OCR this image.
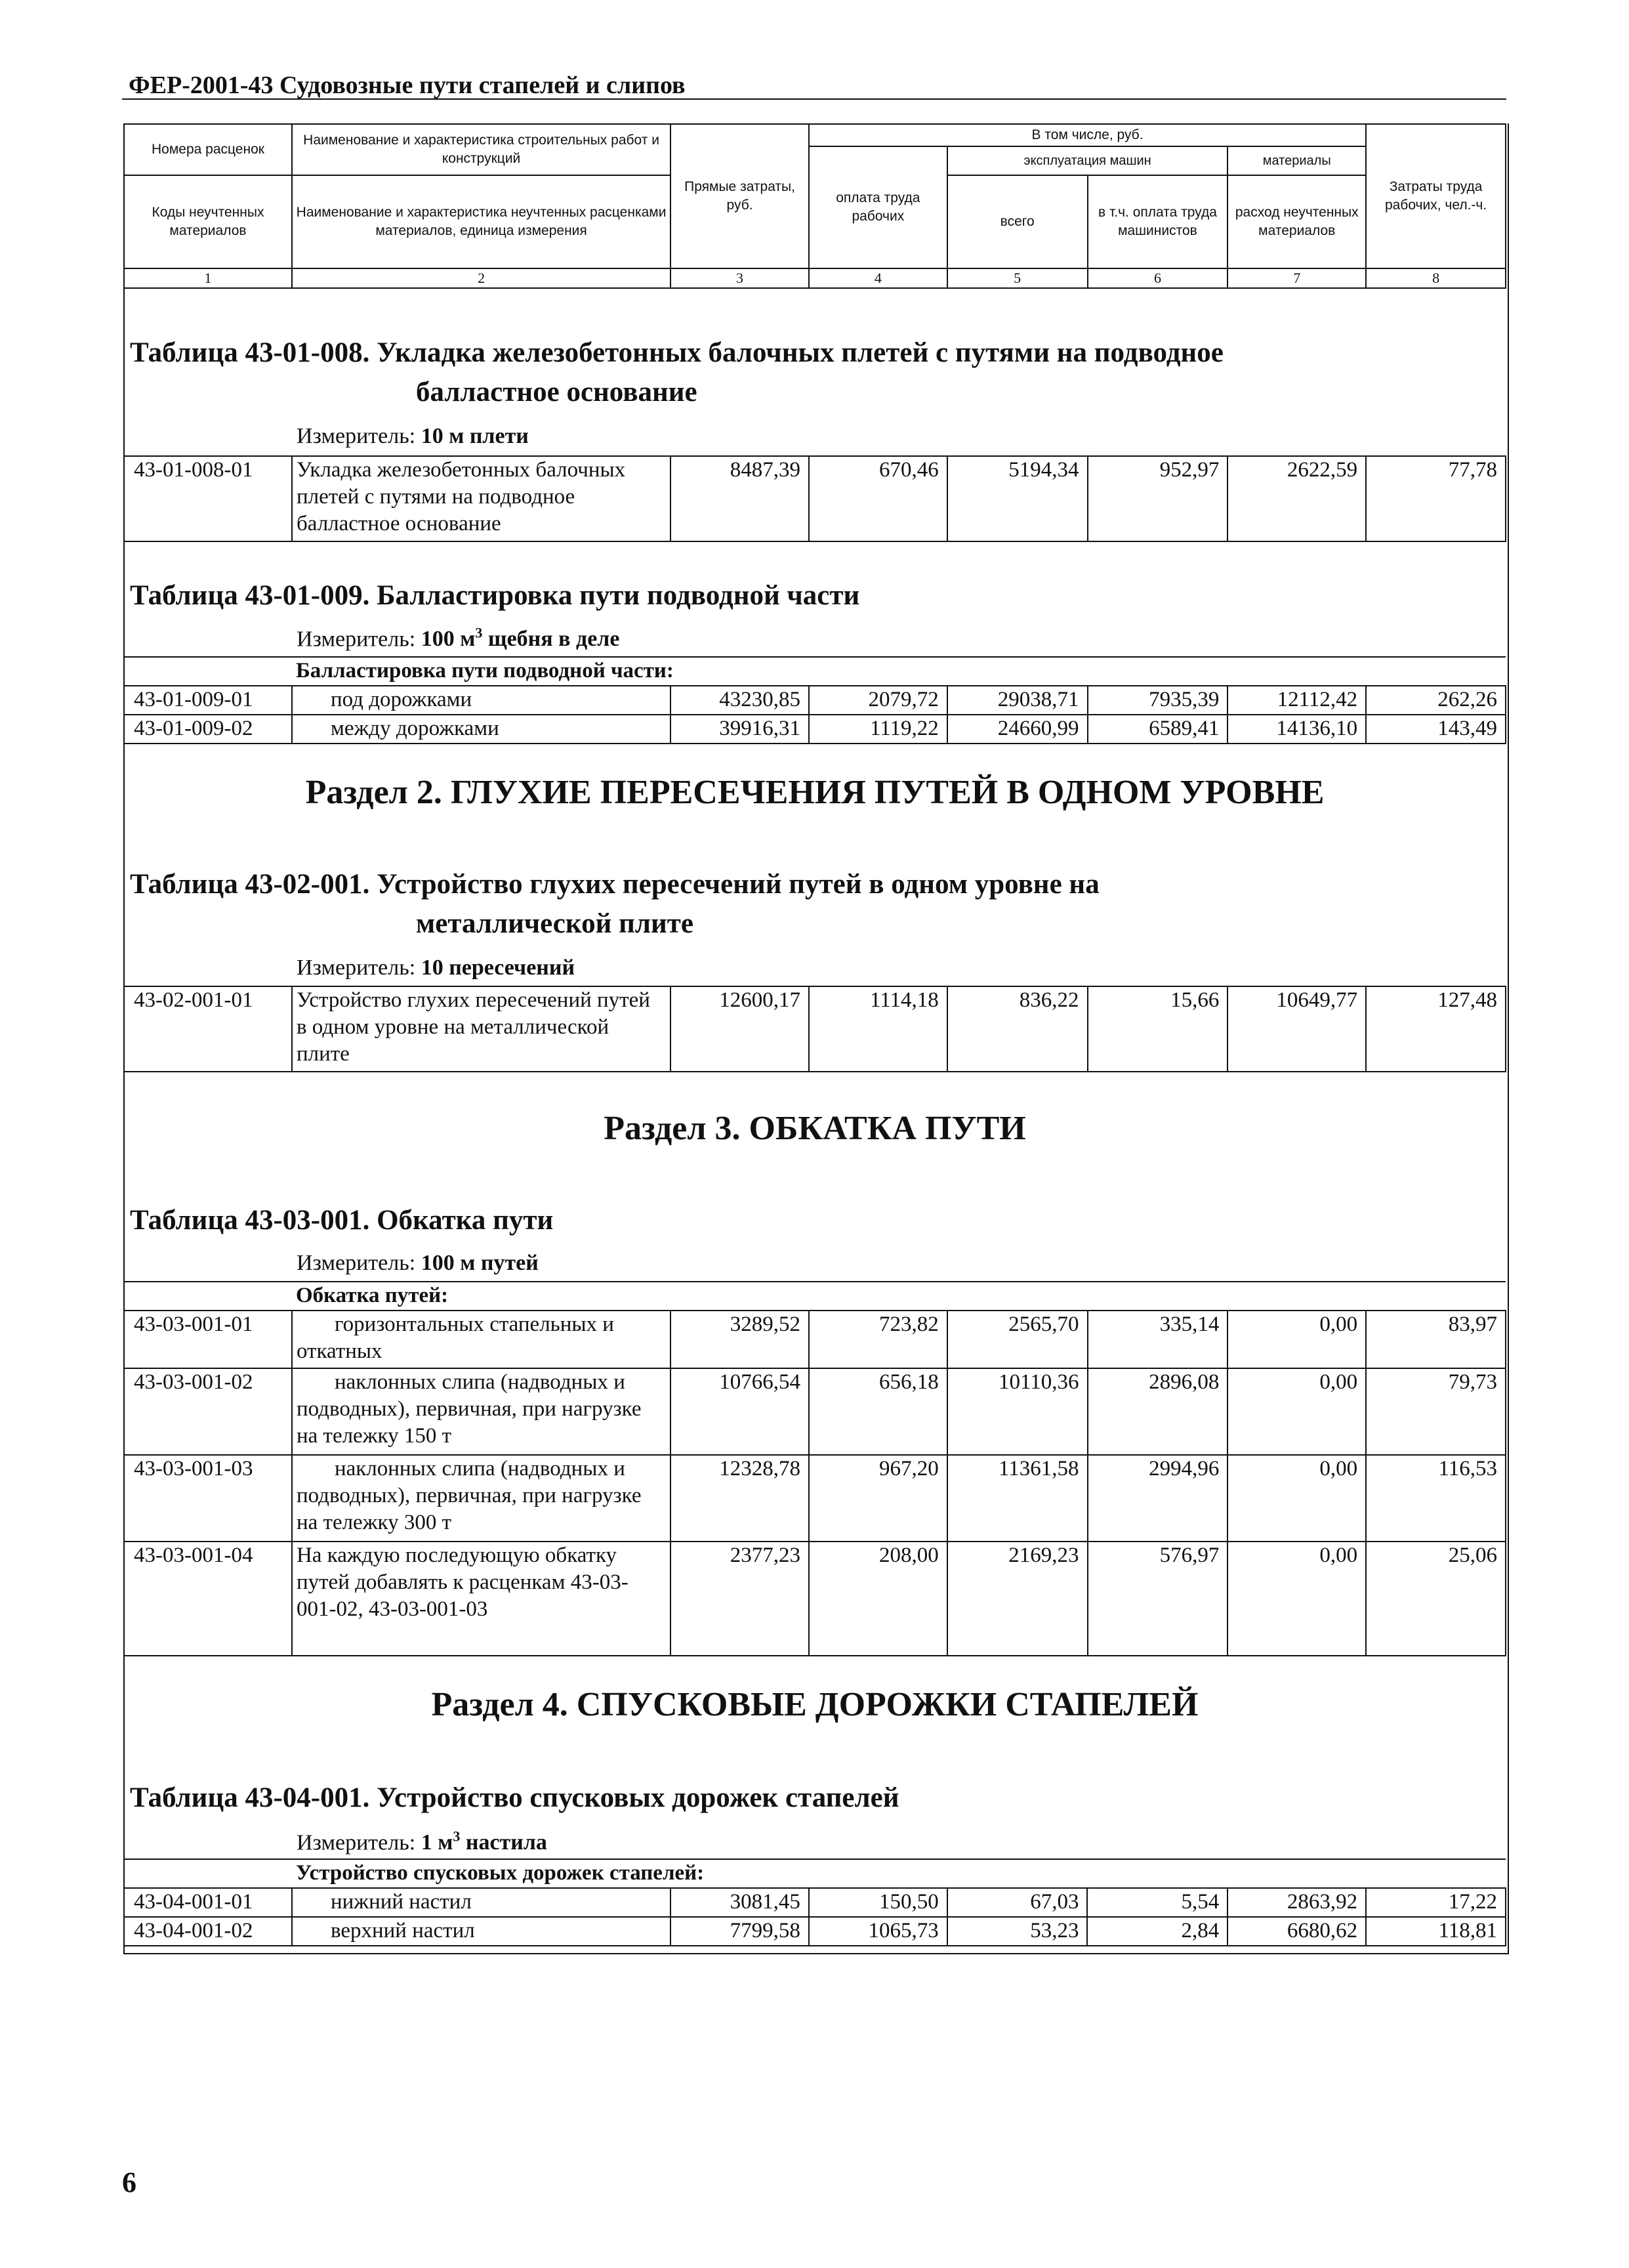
ФЕР-2001-43 Судовозные пути стапелей и слипов
Номера расценок	Наименование и характеристика строительных работ и конструкций	Прямые затраты, руб.	В том числе, руб.				Затраты труда рабочих, чел.-ч.
			оплата труда рабочих	эксплуатация машин		материалы	
Коды неучтенных материалов	Наименование и характеристика неучтенных расценками материалов, единица измерения			всего	в т.ч. оплата труда машинистов	расход неучтенных материалов	

1	2	3	4	5	6	7	8
Таблица 43-01-008. Укладка железобетонных балочных плетей с путями на подводное
балластное основание
Измеритель: 10 м плети
43-01-008-01	Укладка железобетонных балочных плетей с путями на подводное балластное основание	8487,39	670,46	5194,34	952,97	2622,59	77,78
Таблица 43-01-009. Балластировка пути подводной части
Измеритель: 100 $м^3$ щебня в деле
	Балластировка пути подводной части:						
43-01-009-01	под дорожками	43230,85	2079,72	29038,71	7935,39	12112,42	262,26
43-01-009-02	между дорожками	39916,31	1119,22	24660,99	6589,41	14136,10	143,49
Раздел 2. ГЛУХИЕ ПЕРЕСЕЧЕНИЯ ПУТЕЙ В ОДНОМ УРОВНЕ
Таблица 43-02-001. Устройство глухих пересечений путей в одном уровне на
металлической плите
Измеритель: 10 пересечений
43-02-001-01	Устройство глухих пересечений путей в одном уровне на металлической плите	12600,17	1114,18	836,22	15,66	10649,77	127,48
Раздел 3. ОБКАТКА ПУТИ
Таблица 43-03-001. Обкатка пути
Измеритель: 100 м путей
	Обкатка путей:						
43-03-001-01	горизонтальных стапельных и откатных	3289,52	723,82	2565,70	335,14	0,00	83,97
43-03-001-02	наклонных слипа (надводных и подводных), первичная, при нагрузке на тележку 150 т	10766,54	656,18	10110,36	2896,08	0,00	79,73
43-03-001-03	наклонных слипа (надводных и подводных), первичная, при нагрузке на тележку 300 т	12328,78	967,20	11361,58	2994,96	0,00	116,53
43-03-001-04	На каждую последующую обкатку путей добавлять к расценкам 43-03-001-02, 43-03-001-03	2377,23	208,00	2169,23	576,97	0,00	25,06
Раздел 4. СПУСКОВЫЕ ДОРОЖКИ СТАПЕЛЕЙ
Таблица 43-04-001. Устройство спусковых дорожек стапелей
Измеритель: 1 $м^3$ настила
	Устройство спусковых дорожек стапелей:						
43-04-001-01	нижний настил	3081,45	150,50	67,03	5,54	2863,92	17,22
43-04-001-02	верхний настил	7799,58	1065,73	53,23	2,84	6680,62	118,81
6
